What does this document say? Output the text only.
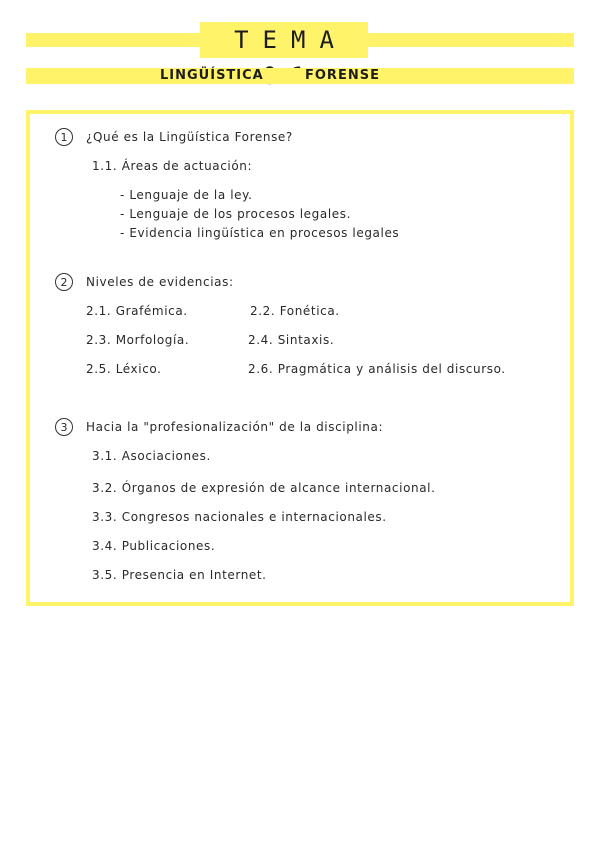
TEMA
LINGÜÍSTICA	FORENSE
1	¿Qué es la Lingüística Forense?
1.1. Áreas de actuación:
- Lenguaje de la ley.
- Lenguaje de los procesos legales.
- Evidencia lingüística en procesos legales
2	Niveles de evidencias:
2.1. Grafémica.	2.2. Fonética.
2.3. Morfología.	2.4. Sintaxis.
2.5. Léxico.	2.6. Pragmática y análisis del discurso.
3	Hacia la "profesionalización" de la disciplina:
3.1. Asociaciones.
3.2. Órganos de expresión de alcance internacional.
3.3. Congresos nacionales e internacionales.
3.4. Publicaciones.
3.5. Presencia en Internet.
